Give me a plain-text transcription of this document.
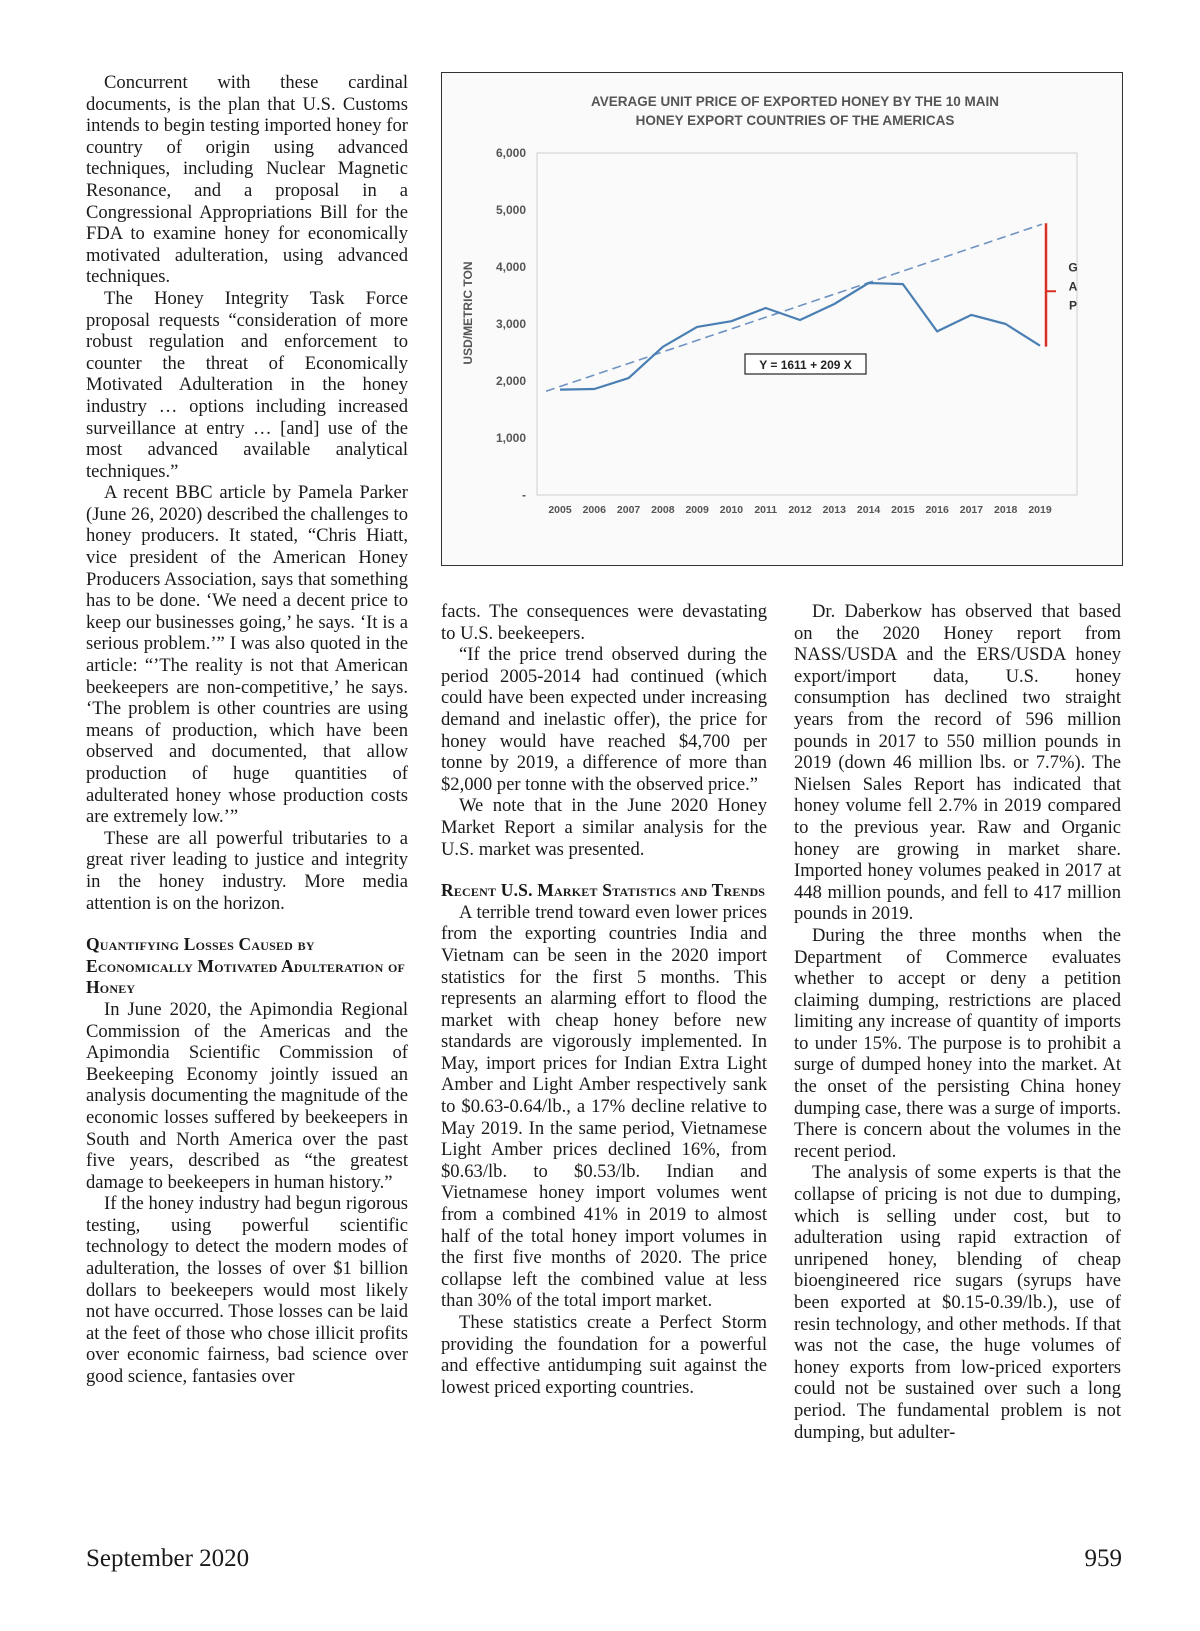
Concurrent with these cardinal documents, is the plan that U.S. Customs intends to begin testing imported honey for country of origin using advanced techniques, including Nuclear Magnetic Resonance, and a proposal in a Congressional Appropriations Bill for the FDA to examine honey for economically motivated adulteration, using advanced techniques.

The Honey Integrity Task Force proposal requests “consideration of more robust regulation and enforcement to counter the threat of Economically Motivated Adulteration in the honey industry … options including increased surveillance at entry … [and] use of the most advanced available analytical techniques.”

A recent BBC article by Pamela Parker (June 26, 2020) described the challenges to honey producers. It stated, “Chris Hiatt, vice president of the American Honey Producers Association, says that something has to be done. ‘We need a decent price to keep our businesses going,’ he says. ‘It is a serious problem.’” I was also quoted in the article: “’The reality is not that American beekeepers are non-competitive,’ he says. ‘The problem is other countries are using means of production, which have been observed and documented, that allow production of huge quantities of adulterated honey whose production costs are extremely low.’”

These are all powerful tributaries to a great river leading to justice and integrity in the honey industry. More media attention is on the horizon.

Quantifying Losses Caused by Economically Motivated Adulteration of Honey

In June 2020, the Apimondia Regional Commission of the Americas and the Apimondia Scientific Commission of Beekeeping Economy jointly issued an analysis documenting the magnitude of the economic losses suffered by beekeepers in South and North America over the past five years, described as “the greatest damage to beekeepers in human history.”

If the honey industry had begun rigorous testing, using powerful scientific technology to detect the modern modes of adulteration, the losses of over $1 billion dollars to beekeepers would most likely not have occurred. Those losses can be laid at the feet of those who chose illicit profits over economic fairness, bad science over good science, fantasies over

AVERAGE UNIT PRICE OF EXPORTED HONEY BY THE 10 MAIN
HONEY EXPORT COUNTRIES OF THE AMERICAS
USD/METRIC TON
6,000
5,000
4,000
3,000
2,000
1,000
-
2005 2006 2007 2008 2009 2010 2011 2012 2013 2014 2015 2016 2017 2018 2019
G
A
P
Y = 1611 + 209 X

facts. The consequences were devastating to U.S. beekeepers.

“If the price trend observed during the period 2005-2014 had continued (which could have been expected under increasing demand and inelastic offer), the price for honey would have reached $4,700 per tonne by 2019, a difference of more than $2,000 per tonne with the observed price.”

We note that in the June 2020 Honey Market Report a similar analysis for the U.S. market was presented.

Recent U.S. Market Statistics and Trends

A terrible trend toward even lower prices from the exporting countries India and Vietnam can be seen in the 2020 import statistics for the first 5 months. This represents an alarming effort to flood the market with cheap honey before new standards are vigorously implemented. In May, import prices for Indian Extra Light Amber and Light Amber respectively sank to $0.63-0.64/lb., a 17% decline relative to May 2019. In the same period, Vietnamese Light Amber prices declined 16%, from $0.63/lb. to $0.53/lb. Indian and Vietnamese honey import volumes went from a combined 41% in 2019 to almost half of the total honey import volumes in the first five months of 2020. The price collapse left the combined value at less than 30% of the total import market.

These statistics create a Perfect Storm providing the foundation for a powerful and effective antidumping suit against the lowest priced exporting countries.

Dr. Daberkow has observed that based on the 2020 Honey report from NASS/USDA and the ERS/USDA honey export/import data, U.S. honey consumption has declined two straight years from the record of 596 million pounds in 2017 to 550 million pounds in 2019 (down 46 million lbs. or 7.7%). The Nielsen Sales Report has indicated that honey volume fell 2.7% in 2019 compared to the previous year. Raw and Organic honey are growing in market share. Imported honey volumes peaked in 2017 at 448 million pounds, and fell to 417 million pounds in 2019.

During the three months when the Department of Commerce evaluates whether to accept or deny a petition claiming dumping, restrictions are placed limiting any increase of quantity of imports to under 15%. The purpose is to prohibit a surge of dumped honey into the market. At the onset of the persisting China honey dumping case, there was a surge of imports. There is concern about the volumes in the recent period.

The analysis of some experts is that the collapse of pricing is not due to dumping, which is selling under cost, but to adulteration using rapid extraction of unripened honey, blending of cheap bioengineered rice sugars (syrups have been exported at $0.15-0.39/lb.), use of resin technology, and other methods. If that was not the case, the huge volumes of honey exports from low-priced exporters could not be sustained over such a long period. The fundamental problem is not dumping, but adulter-

September 2020	959
